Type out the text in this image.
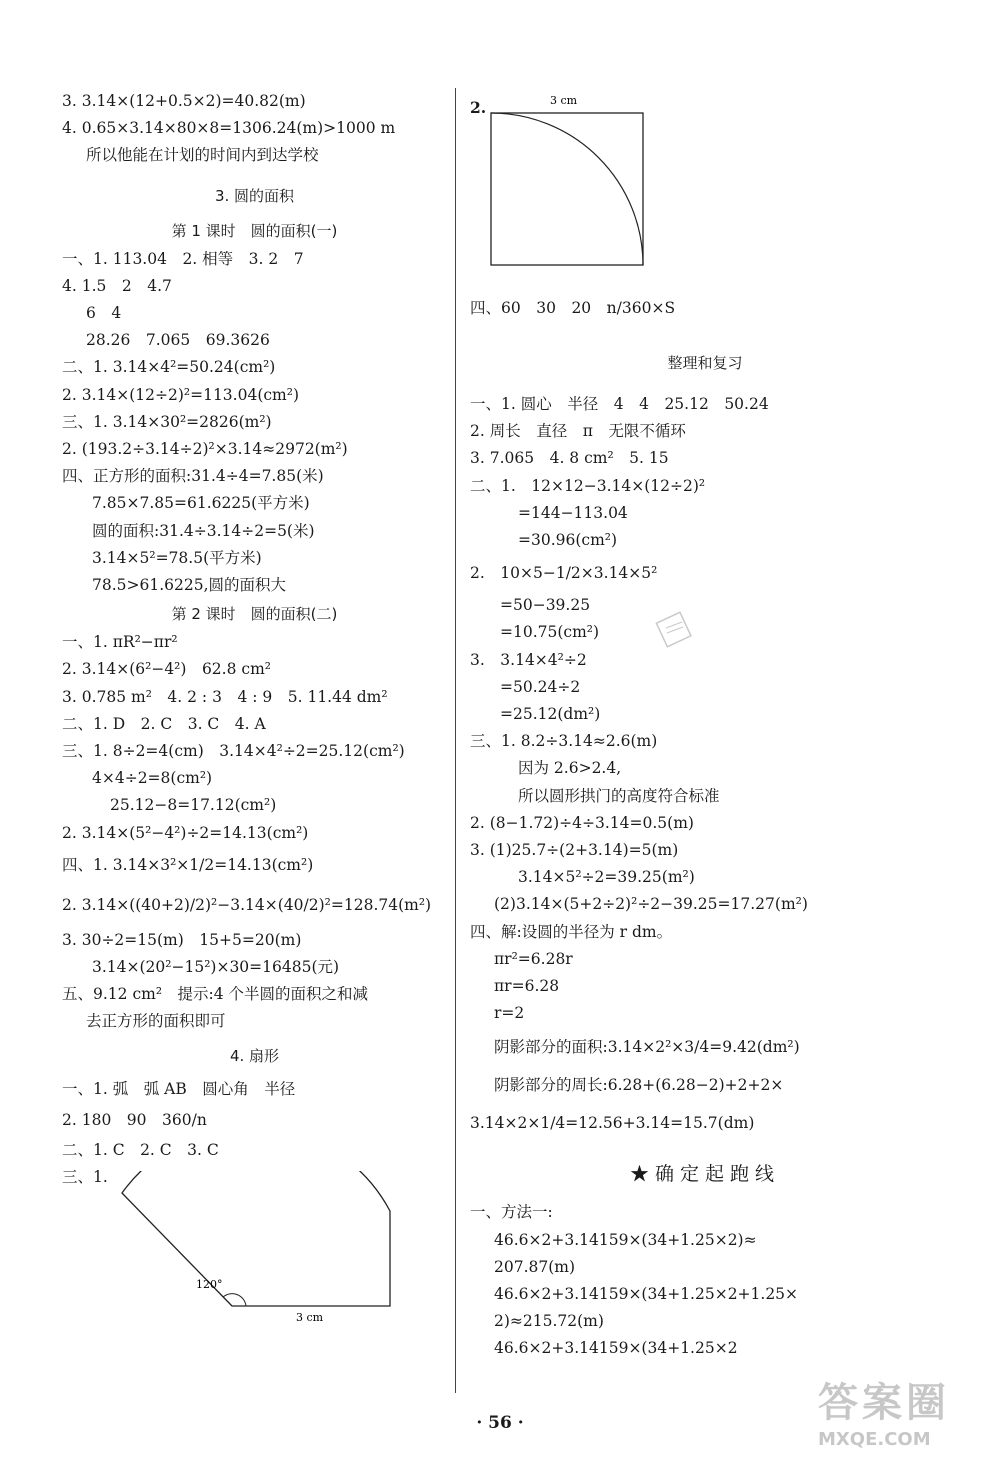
3. 3.14×(12+0.5×2)=40.82(m)
4. 0.65×3.14×80×8=1306.24(m)>1000 m
所以他能在计划的时间内到达学校
3. 圆的面积
第 1 课时　圆的面积(一)
一、1. 113.04　2. 相等　3. 2　7
4. 1.5　2　4.7
6　4
28.26　7.065　69.3626
二、1. 3.14×4²=50.24(cm²)
2. 3.14×(12÷2)²=113.04(cm²)
三、1. 3.14×30²=2826(m²)
2. (193.2÷3.14÷2)²×3.14≈2972(m²)
四、正方形的面积:31.4÷4=7.85(米)
7.85×7.85=61.6225(平方米)
圆的面积:31.4÷3.14÷2=5(米)
3.14×5²=78.5(平方米)
78.5>61.6225,圆的面积大
第 2 课时　圆的面积(二)
一、1. πR²−πr²
2. 3.14×(6²−4²)　62.8 cm²
3. 0.785 m²　4. 2 : 3　4 : 9　5. 11.44 dm²
二、1. D　2. C　3. C　4. A
三、1. 8÷2=4(cm)　3.14×4²÷2=25.12(cm²)
4×4÷2=8(cm²)
25.12−8=17.12(cm²)
2. 3.14×(5²−4²)÷2=14.13(cm²)
四、1. 3.14×3²×1/2=14.13(cm²)
2. 3.14×((40+2)/2)²−3.14×(40/2)²=128.74(m²)
3. 30÷2=15(m)　15+5=20(m)
3.14×(20²−15²)×30=16485(元)
五、9.12 cm²　提示:4 个半圆的面积之和减
去正方形的面积即可
4. 扇形
一、1. 弧　弧 AB　圆心角　半径
2. 180　90　360/n
二、1. C　2. C　3. C
三、1.
120°
3 cm
2.	3 cm
四、60　30　20　n/360×S
整理和复习
一、1. 圆心　半径　4　4　25.12　50.24
2. 周长　直径　π　无限不循环
3. 7.065　4. 8 cm²　5. 15
二、1.　12×12−3.14×(12÷2)²
=144−113.04
=30.96(cm²)
2.　10×5−1/2×3.14×5²
=50−39.25
=10.75(cm²)
3.　3.14×4²÷2
=50.24÷2
=25.12(dm²)
三、1. 8.2÷3.14≈2.6(m)
因为 2.6>2.4,
所以圆形拱门的高度符合标准
2. (8−1.72)÷4÷3.14=0.5(m)
3. (1)25.7÷(2+3.14)=5(m)
3.14×5²÷2=39.25(m²)
(2)3.14×(5+2÷2)²÷2−39.25=17.27(m²)
四、解:设圆的半径为 r dm。
πr²=6.28r
πr=6.28
r=2
阴影部分的面积:3.14×2²×3/4=9.42(dm²)
阴影部分的周长:6.28+(6.28−2)+2+2×
3.14×2×1/4=12.56+3.14=15.7(dm)
★确定起跑线
一、方法一:
46.6×2+3.14159×(34+1.25×2)≈
207.87(m)
46.6×2+3.14159×(34+1.25×2+1.25×
2)≈215.72(m)
46.6×2+3.14159×(34+1.25×2
· 56 ·	答案圈
MXQE.COM
